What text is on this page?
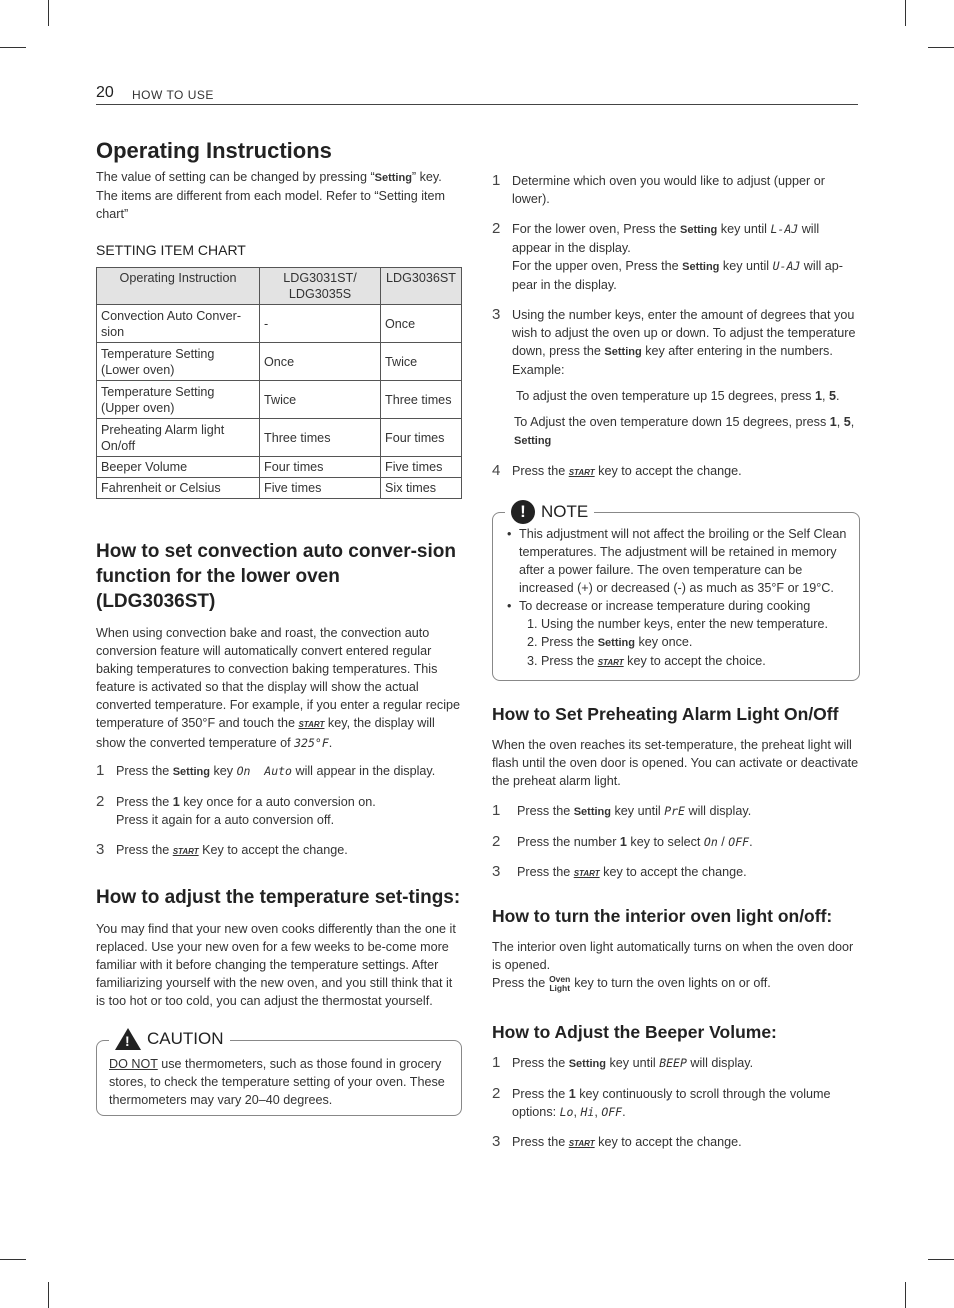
20 HOW TO USE
Operating Instructions

The value of setting can be changed by pressing “Setting” key.

The items are different from each model. Refer to “Setting item chart”

SETTING ITEM CHART
Operating Instruction	LDG3031ST/ LDG3035S	LDG3036ST
Convection Auto Conver-sion	-	Once
Temperature Setting (Lower oven)	Once	Twice
Temperature Setting (Upper oven)	Twice	Three times
Preheating Alarm light On/off	Three times	Four times
Beeper Volume	Four times	Five times
Fahrenheit or Celsius	Five times	Six times
How to set convection auto conver-sion function for the lower oven (LDG3036ST)

When using convection bake and roast, the convection auto conversion feature will automatically convert entered regular baking temperatures to convection baking temperatures. This feature is activated so that the display will show the actual converted temperature. For example, if you enter a regular recipe temperature of 350°F and touch the START key, the display will show the converted temperature of 325°F.

1 Press the Setting key On  Auto will appear in the display.
2 Press the 1 key once for a auto conversion on.
Press it again for a auto conversion off.
3 Press the START Key to accept the change.
How to adjust the temperature set-tings:

You may find that your new oven cooks differently than the one it replaced. Use your new oven for a few weeks to be-come more familiar with it before changing the temperature settings. After familiarizing yourself with the new oven, and you still think that it is too hot or too cold, you can adjust the thermostat yourself.

! CAUTION

DO NOT use thermometers, such as those found in grocery stores, to check the temperature setting of your oven. These thermometers may vary 20–40 degrees.

1 Determine which oven you would like to adjust (upper or lower).
2 For the lower oven, Press the Setting key until L-AJ will appear in the display.
For the upper oven, Press the Setting key until U-AJ will ap-pear in the display.
3 Using the number keys, enter the amount of degrees that you wish to adjust the oven up or down. To adjust the temperature down, press the Setting key after entering in the numbers. Example:

To adjust the oven temperature up 15 degrees, press 1, 5.

To Adjust the oven temperature down 15 degrees, press 1, 5, Setting

4 Press the START key to accept the change.
! NOTE
• This adjustment will not affect the broiling or the Self Clean temperatures. The adjustment will be retained in memory after a power failure. The oven temperature can be increased (+) or decreased (-) as much as 35°F or 19°C.
• To decrease or increase temperature during cooking
1. Using the number keys, enter the new temperature.
2. Press the Setting key once.
3. Press the START key to accept the choice.
How to Set Preheating Alarm Light On/Off

When the oven reaches its set-temperature, the preheat light will flash until the oven door is opened. You can activate or deactivate the preheat alarm light.

1	Press the Setting key until PrE will display.
2	Press the number 1 key to select On / OFF.
3	Press the START key to accept the change.
How to turn the interior oven light on/off:

The interior oven light automatically turns on when the oven door is opened.

Press the Oven Light key to turn the oven lights on or off.

How to Adjust the Beeper Volume:
1 Press the Setting key until BEEP will display.
2 Press the 1 key continuously to scroll through the volume options: Lo, Hi, OFF.
3 Press the START key to accept the change.
